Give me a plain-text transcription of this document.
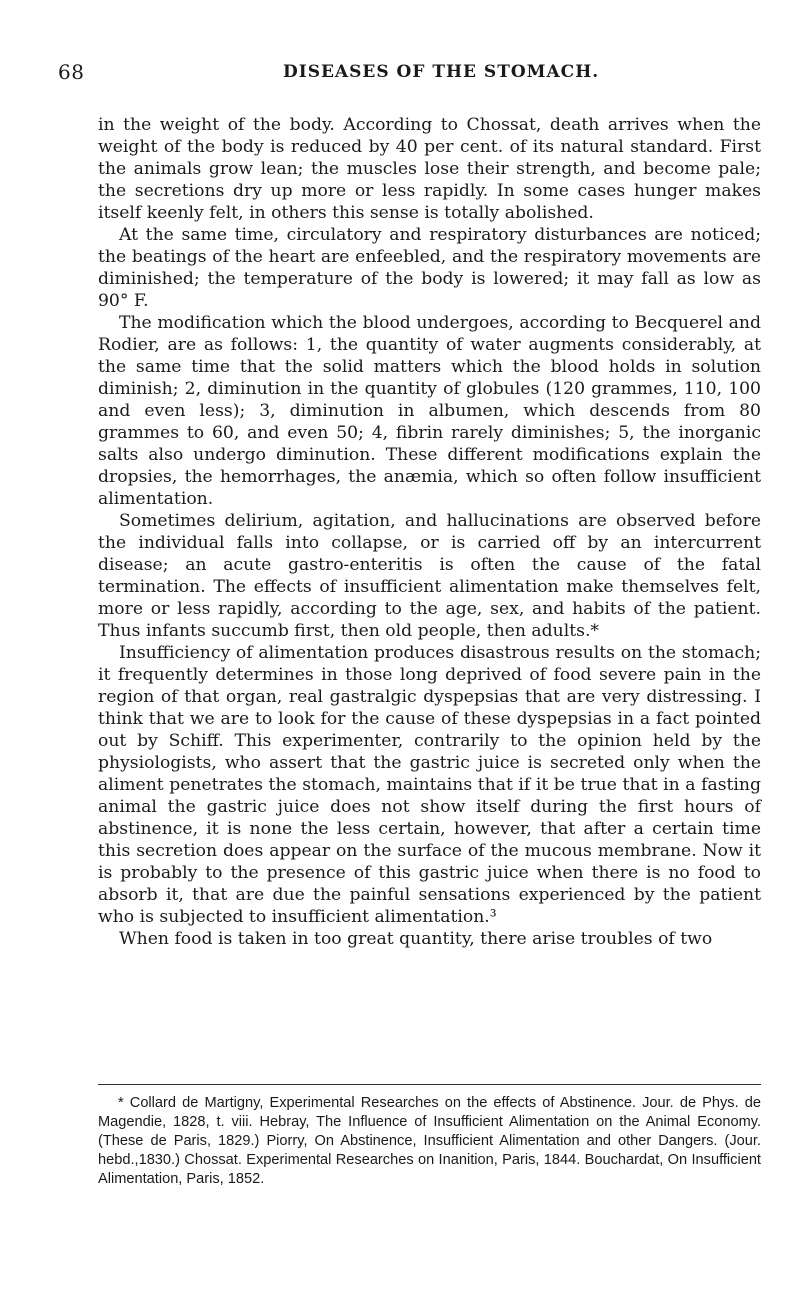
68	DISEASES OF THE STOMACH.

in the weight of the body. According to Chossat, death arrives when the weight of the body is reduced by 40 per cent. of its natural standard. First the animals grow lean; the muscles lose their strength, and become pale; the secretions dry up more or less rapidly. In some cases hunger makes itself keenly felt, in others this sense is totally abolished.

At the same time, circulatory and respiratory disturbances are noticed; the beatings of the heart are enfeebled, and the respiratory movements are diminished; the temperature of the body is lowered; it may fall as low as 90° F.

The modification which the blood undergoes, according to Becquerel and Rodier, are as follows: 1, the quantity of water augments considerably, at the same time that the solid matters which the blood holds in solution diminish; 2, diminution in the quantity of globules (120 grammes, 110, 100 and even less); 3, diminution in albumen, which descends from 80 grammes to 60, and even 50; 4, fibrin rarely diminishes; 5, the inorganic salts also undergo diminution. These different modifications explain the dropsies, the hemorrhages, the anæmia, which so often follow insufficient alimentation.

Sometimes delirium, agitation, and hallucinations are observed before the individual falls into collapse, or is carried off by an intercurrent disease; an acute gastro-enteritis is often the cause of the fatal termination. The effects of insufficient alimentation make themselves felt, more or less rapidly, according to the age, sex, and habits of the patient. Thus infants succumb first, then old people, then adults.*

Insufficiency of alimentation produces disastrous results on the stomach; it frequently determines in those long deprived of food severe pain in the region of that organ, real gastralgic dyspepsias that are very distressing. I think that we are to look for the cause of these dyspepsias in a fact pointed out by Schiff. This experimenter, contrarily to the opinion held by the physiologists, who assert that the gastric juice is secreted only when the aliment penetrates the stomach, maintains that if it be true that in a fasting animal the gastric juice does not show itself during the first hours of abstinence, it is none the less certain, however, that after a certain time this secretion does appear on the surface of the mucous membrane. Now it is probably to the presence of this gastric juice when there is no food to absorb it, that are due the painful sensations experienced by the patient who is subjected to insufficient alimentation.³

When food is taken in too great quantity, there arise troubles of two

* Collard de Martigny, Experimental Researches on the effects of Abstinence. Jour. de Phys. de Magendie, 1828, t. viii. Hebray, The Influence of Insufficient Alimentation on the Animal Economy. (These de Paris, 1829.) Piorry, On Abstinence, Insufficient Alimentation and other Dangers. (Jour. hebd.,1830.) Chossat. Experimental Researches on Inanition, Paris, 1844. Bouchardat, On Insufficient Alimentation, Paris, 1852.
